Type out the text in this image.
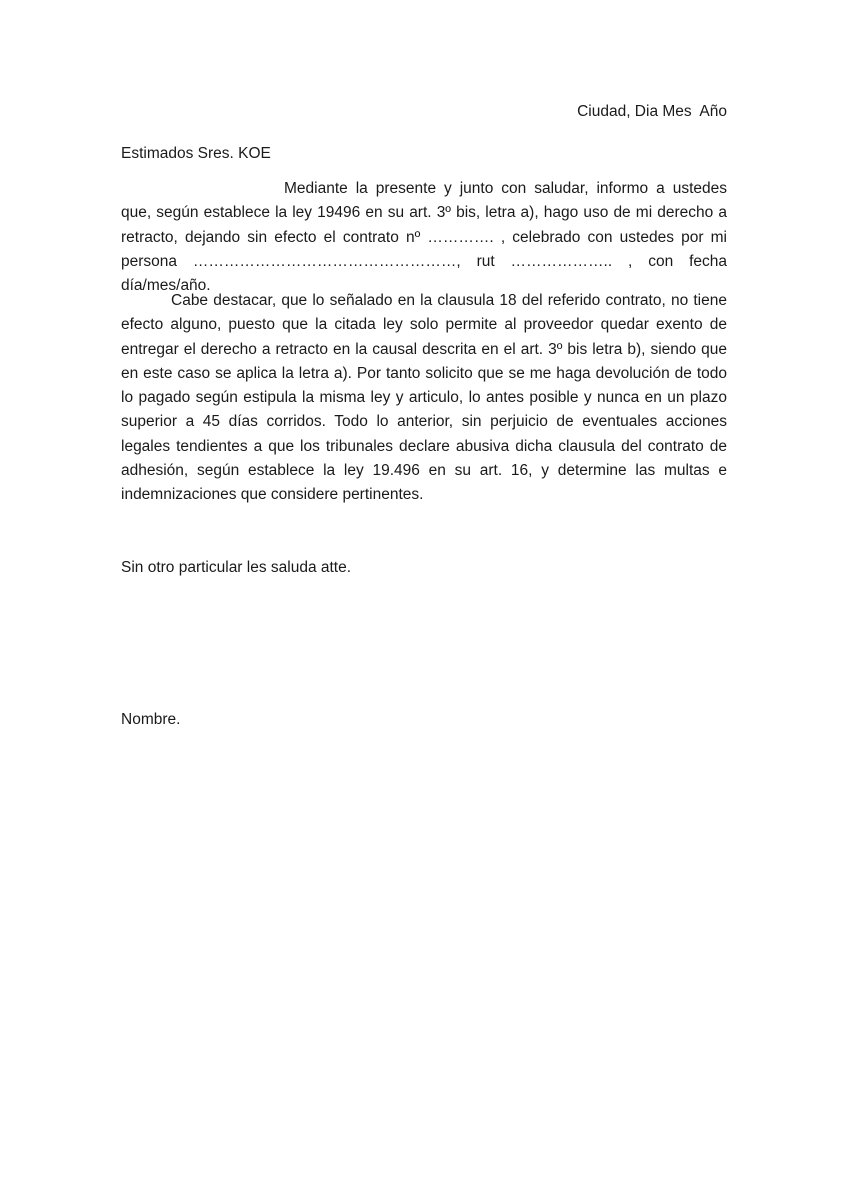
Ciudad, Dia Mes  Año
Estimados Sres. KOE

Mediante la presente y junto con saludar, informo a ustedes que, según establece la ley 19496 en su art. 3º bis, letra a), hago uso de mi derecho a retracto, dejando sin efecto el contrato nº …………. , celebrado con ustedes por mi persona ……………………………………………, rut ……………….. , con fecha día/mes/año.

Cabe destacar, que lo señalado en la clausula 18 del referido contrato, no tiene efecto alguno, puesto que la citada ley solo permite al proveedor quedar exento de entregar el derecho a retracto en la causal descrita en el art. 3º bis letra b), siendo que en este caso se aplica la letra a). Por tanto solicito que se me haga devolución de todo lo pagado según estipula la misma ley y articulo, lo antes posible y nunca en un plazo superior a 45 días corridos. Todo lo anterior, sin perjuicio de eventuales acciones legales tendientes a que los tribunales declare abusiva dicha clausula del contrato de adhesión, según establece la ley 19.496 en su art. 16, y determine las multas e indemnizaciones que considere pertinentes.

Sin otro particular les saluda atte.
Nombre.
